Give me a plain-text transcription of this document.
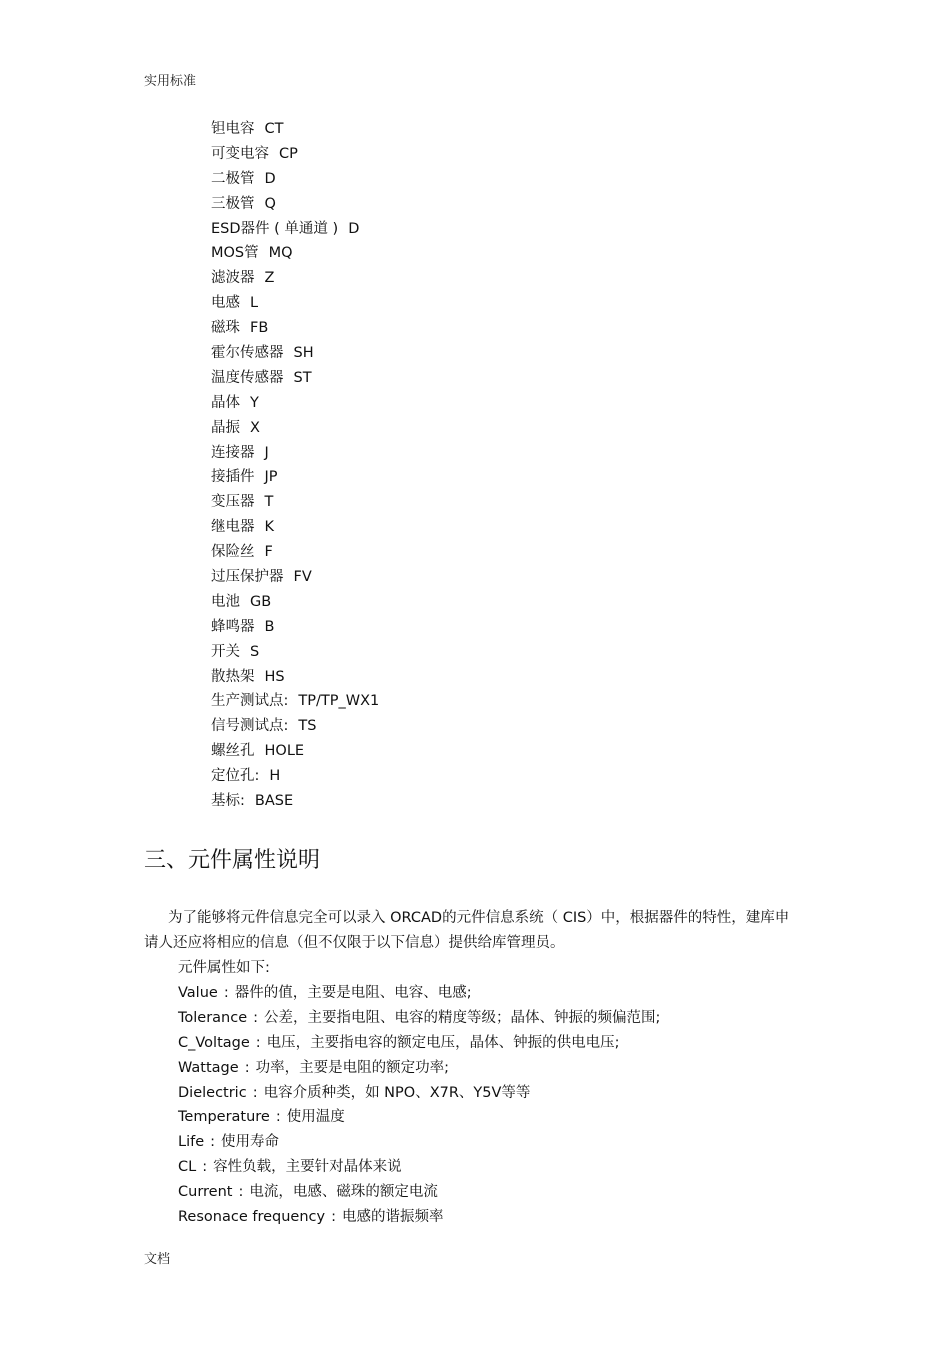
实用标准
钽电容 CT
可变电容 CP
二极管 D
三极管 Q
ESD器件 ( 单通道 ) D
MOS管 MQ
滤波器 Z
电感 L
磁珠 FB
霍尔传感器 SH
温度传感器 ST
晶体 Y
晶振 X
连接器 J
接插件 JP
变压器 T
继电器 K
保险丝 F
过压保护器 FV
电池 GB
蜂鸣器 B
开关 S
散热架 HS
生产测试点: TP/TP_WX1
信号测试点: TS
螺丝孔 HOLE
定位孔: H
基标: BASE
三、元件属性说明

为了能够将元件信息完全可以录入 ORCAD的元件信息系统（ CIS）中，根据器件的特性，建库申请人还应将相应的信息（但不仅限于以下信息）提供给库管理员。

元件属性如下:
Value : 器件的值，主要是电阻、电容、电感;
Tolerance : 公差，主要指电阻、电容的精度等级；晶体、钟振的频偏范围;
C_Voltage : 电压，主要指电容的额定电压，晶体、钟振的供电电压;
Wattage : 功率，主要是电阻的额定功率;
Dielectric : 电容介质种类，如 NPO、X7R、Y5V等等
Temperature : 使用温度
Life : 使用寿命
CL : 容性负载，主要针对晶体来说
Current : 电流，电感、磁珠的额定电流
Resonace frequency : 电感的谐振频率
文档
